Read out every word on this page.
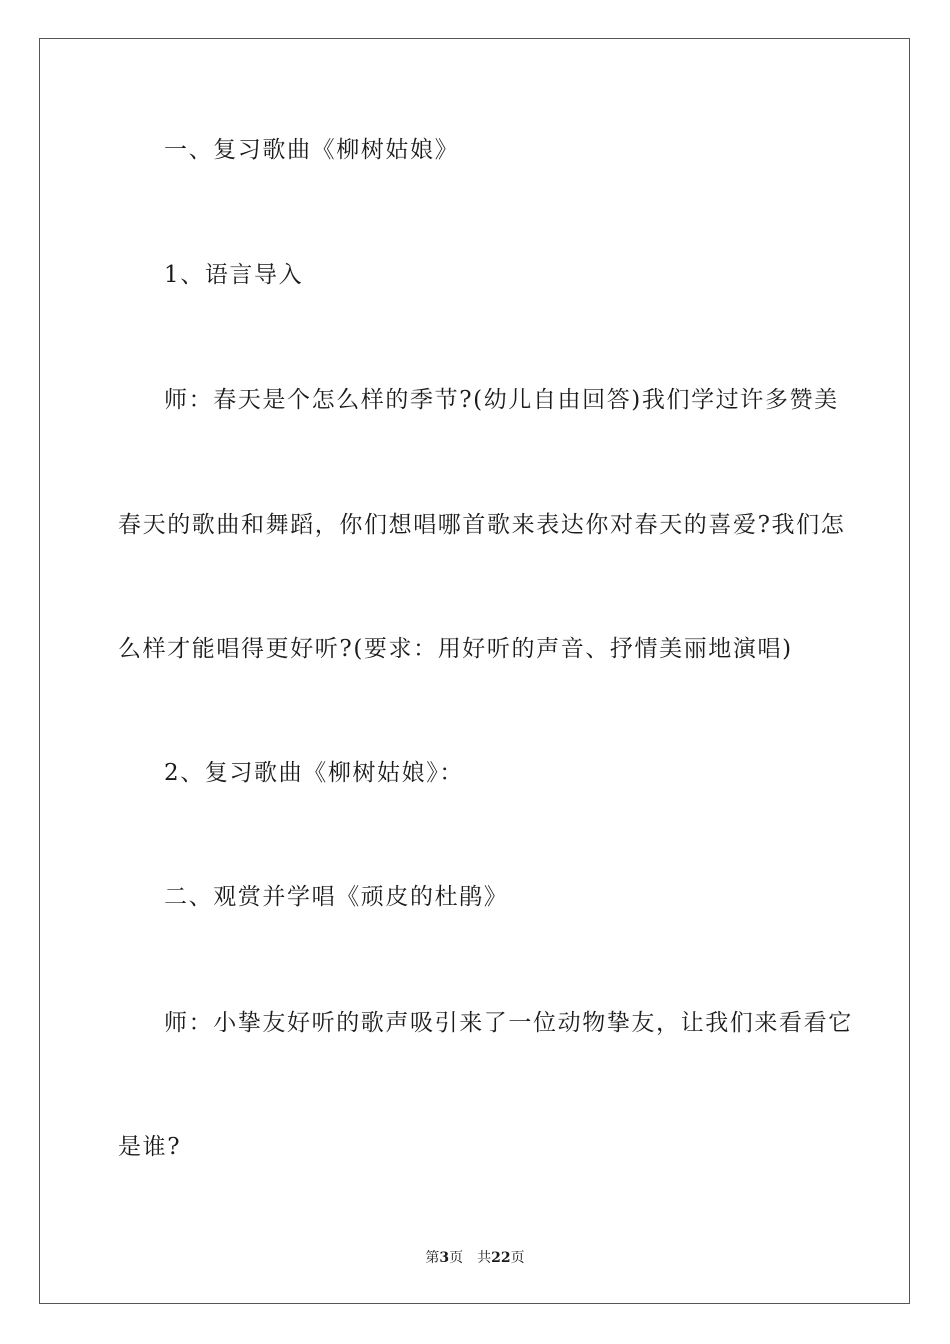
一、复习歌曲《柳树姑娘》
1、语言导入
师：春天是个怎么样的季节?(幼儿自由回答)我们学过许多赞美
春天的歌曲和舞蹈，你们想唱哪首歌来表达你对春天的喜爱?我们怎
么样才能唱得更好听?(要求：用好听的声音、抒情美丽地演唱)
2、复习歌曲《柳树姑娘》：
二、观赏并学唱《顽皮的杜鹃》
师：小挚友好听的歌声吸引来了一位动物挚友，让我们来看看它
是谁?
第3页 共22页
